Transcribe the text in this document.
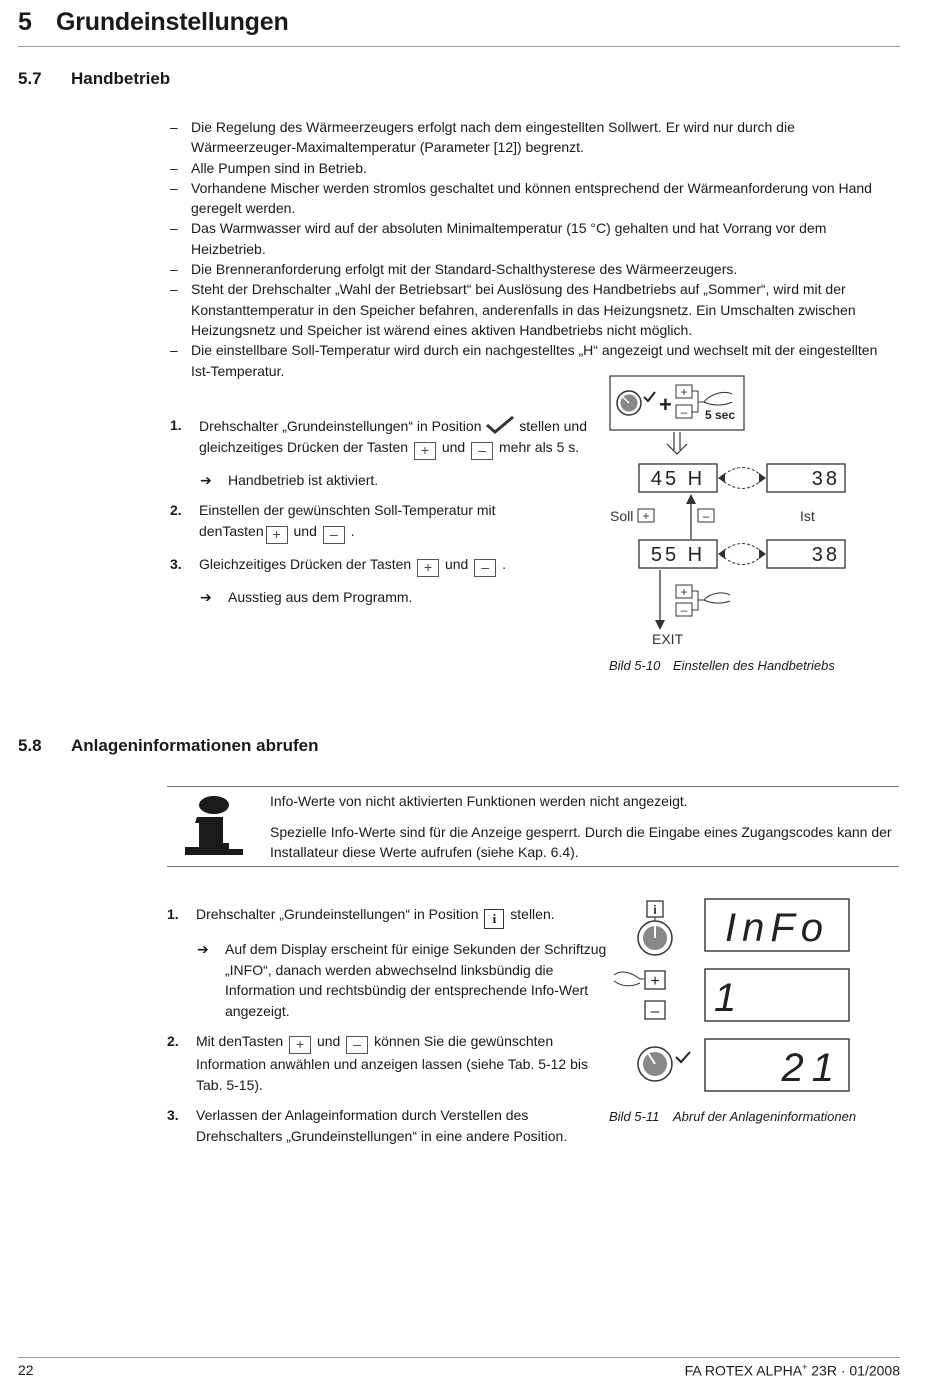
5 Grundeinstellungen
5.7 Handbetrieb
– Die Regelung des Wärmeerzeugers erfolgt nach dem eingestellten Sollwert. Er wird nur durch die Wärmeerzeuger-Maximaltemperatur (Parameter [12]) begrenzt.
– Alle Pumpen sind in Betrieb.
– Vorhandene Mischer werden stromlos geschaltet und können entsprechend der Wärmeanforderung von Hand geregelt werden.
– Das Warmwasser wird auf der absoluten Minimaltemperatur (15 °C) gehalten und hat Vorrang vor dem Heizbetrieb.
– Die Brenneranforderung erfolgt mit der Standard-Schalthysterese des Wärmeerzeugers.
– Steht der Drehschalter „Wahl der Betriebsart“ bei Auslösung des Handbetriebs auf „Sommer“, wird mit der Konstanttemperatur in den Speicher befahren, anderenfalls in das Heizungsnetz. Ein Umschalten zwischen Heizungsnetz und Speicher ist wärend eines aktiven Handbetriebs nicht möglich.
– Die einstellbare Soll-Temperatur wird durch ein nachgestelltes „H“ angezeigt und wechselt mit der eingestellten Ist-Temperatur.
1. Drehschalter „Grundeinstellungen“ in Position	stellen und
gleichzeitiges Drücken der Tasten + und – mehr als 5 s.
➔ Handbetrieb ist aktiviert.
2. Einstellen der gewünschten Soll-Temperatur mit
denTasten + und – .
3. Gleichzeitiges Drücken der Tasten + und – .
➔ Ausstieg aus dem Programm.
+ +
– 5 sec
45 H	38
Soll +	–	Ist
55 H	38
+
–
EXIT
Bild 5-10 Einstellen des Handbetriebs
5.8 Anlageninformationen abrufen

Info-Werte von nicht aktivierten Funktionen werden nicht angezeigt.

Spezielle Info-Werte sind für die Anzeige gesperrt. Durch die Eingabe eines Zugangscodes kann der Installateur diese Werte aufrufen (siehe Kap. 6.4).

1. Drehschalter „Grundeinstellungen“ in Position i stellen.
➔ Auf dem Display erscheint für einige Sekunden der Schriftzug „INFO“, danach werden abwechselnd linksbündig die Information und rechtsbündig der entsprechende Info-Wert angezeigt.
2. Mit denTasten + und – können Sie die gewünschten Information anwählen und anzeigen lassen (siehe Tab. 5-12 bis Tab. 5-15).
3. Verlassen der Anlageinformation durch Verstellen des Drehschalters „Grundeinstellungen“ in eine andere Position.
i InFo
+
– 1
21
Bild 5-11 Abruf der Anlageninformationen
22	FA ROTEX ALPHA+ 23R · 01/2008
